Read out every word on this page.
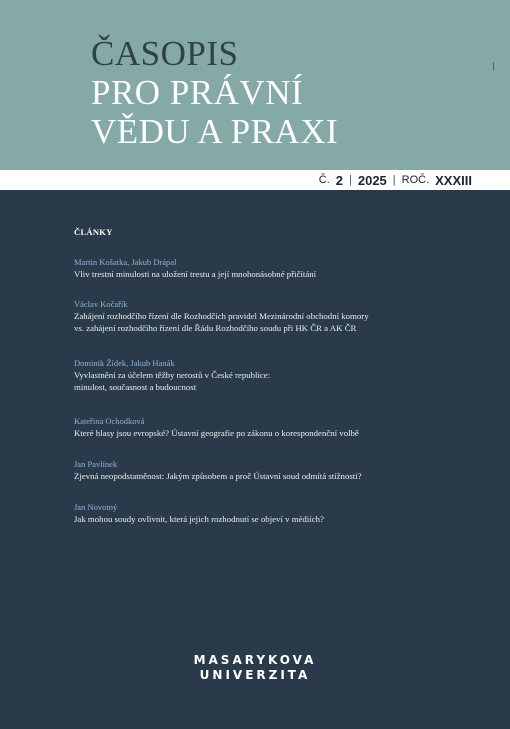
ČASOPIS
PRO PRÁVNÍ
VĚDU A PRAXI
Č. 2 | 2025 | ROČ. XXXIII
ČLÁNKY
Martin Košatka, Jakub Drápal
Vliv trestní minulosti na uložení trestu a její mnohonásobné přičítání
Václav Kočařík
Zahájení rozhodčího řízení dle Rozhodčích pravidel Mezinárodní obchodní komory
vs. zahájení rozhodčího řízení dle Řádu Rozhodčího soudu při HK ČR a AK ČR
Dominik Žídek, Jakub Hanák
Vyvlastnění za účelem těžby nerostů v České republice:
minulost, současnost a budoucnost
Kateřina Ochodková
Které hlasy jsou evropské? Ústavní geografie po zákonu o korespondenční volbě
Jan Pavlínek
Zjevná neopodstatněnost: Jakým způsobem a proč Ústavní soud odmítá stížnosti?
Jan Novotný
Jak mohou soudy ovlivnit, která jejich rozhodnutí se objeví v médiích?
MASARYKOVA
UNIVERZITA
